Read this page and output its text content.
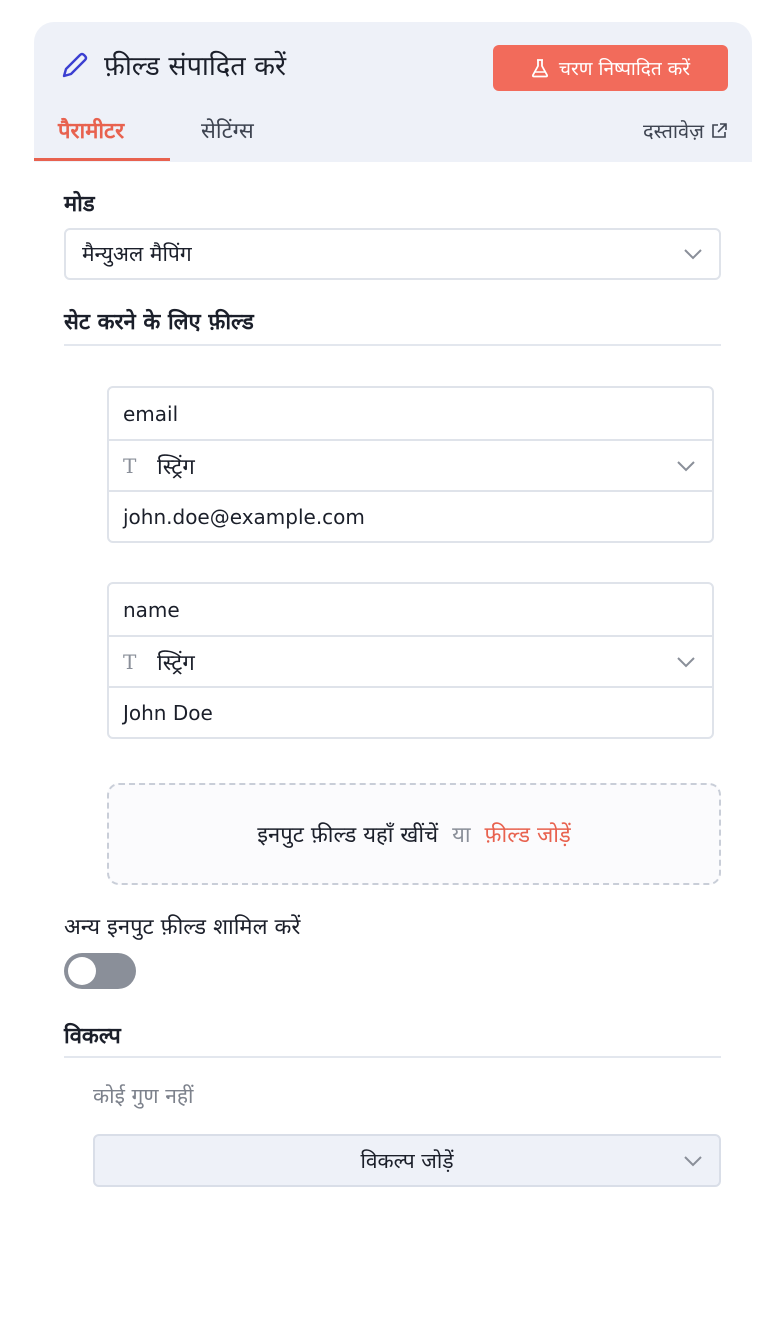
फ़ील्ड संपादित करें	चरण निष्पादित करें
पैरामीटर	सेटिंग्स	दस्तावेज़
मोड
मैन्युअल मैपिंग
सेट करने के लिए फ़ील्ड
email
T स्ट्रिंग
john.doe@example.com
name
T स्ट्रिंग
John Doe
इनपुट फ़ील्ड यहाँ खींचें या फ़ील्ड जोड़ें
अन्य इनपुट फ़ील्ड शामिल करें
विकल्प
कोई गुण नहीं
विकल्प जोड़ें
